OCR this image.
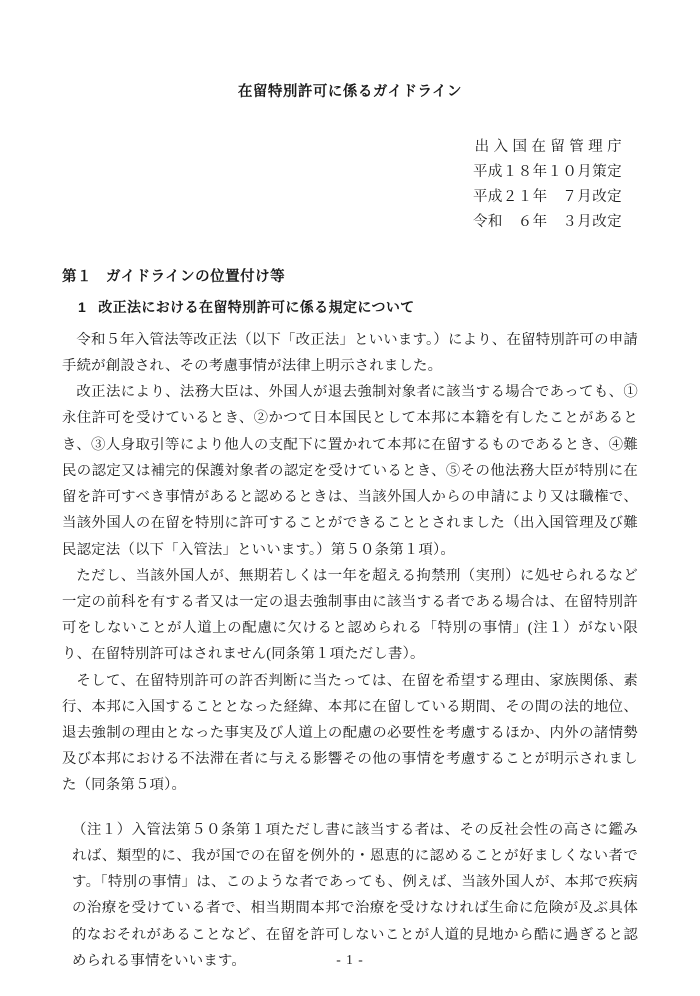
在留特別許可に係るガイドライン
出 入 国 在 留 管 理 庁
平成１８年１０月策定
平成２１年　７月改定
令和　６年　３月改定
第１ ガイドラインの位置付け等
1 改正法における在留特別許可に係る規定について

令和５年入管法等改正法（以下「改正法」といいます。）により、在留特別許可の申請手続が創設され、その考慮事情が法律上明示されました。

改正法により、法務大臣は、外国人が退去強制対象者に該当する場合であっても、①永住許可を受けているとき、②かつて日本国民として本邦に本籍を有したことがあるとき、③人身取引等により他人の支配下に置かれて本邦に在留するものであるとき、④難民の認定又は補完的保護対象者の認定を受けているとき、⑤その他法務大臣が特別に在留を許可すべき事情があると認めるときは、当該外国人からの申請により又は職権で、当該外国人の在留を特別に許可することができることとされました（出入国管理及び難民認定法（以下「入管法」といいます。）第５０条第１項）。

ただし、当該外国人が、無期若しくは一年を超える拘禁刑（実刑）に処せられるなど一定の前科を有する者又は一定の退去強制事由に該当する者である場合は、在留特別許可をしないことが人道上の配慮に欠けると認められる「特別の事情」(注１）がない限り、在留特別許可はされません(同条第１項ただし書）。

そして、在留特別許可の許否判断に当たっては、在留を希望する理由、家族関係、素行、本邦に入国することとなった経緯、本邦に在留している期間、その間の法的地位、退去強制の理由となった事実及び人道上の配慮の必要性を考慮するほか、内外の諸情勢及び本邦における不法滞在者に与える影響その他の事情を考慮することが明示されました（同条第５項）。

（注１）入管法第５０条第１項ただし書に該当する者は、その反社会性の高さに鑑みれば、類型的に、我が国での在留を例外的・恩恵的に認めることが好ましくない者です。「特別の事情」は、このような者であっても、例えば、当該外国人が、本邦で疾病の治療を受けている者で、相当期間本邦で治療を受けなければ生命に危険が及ぶ具体的なおそれがあることなど、在留を許可しないことが人道的見地から酷に過ぎると認められる事情をいいます。	- 1 -
